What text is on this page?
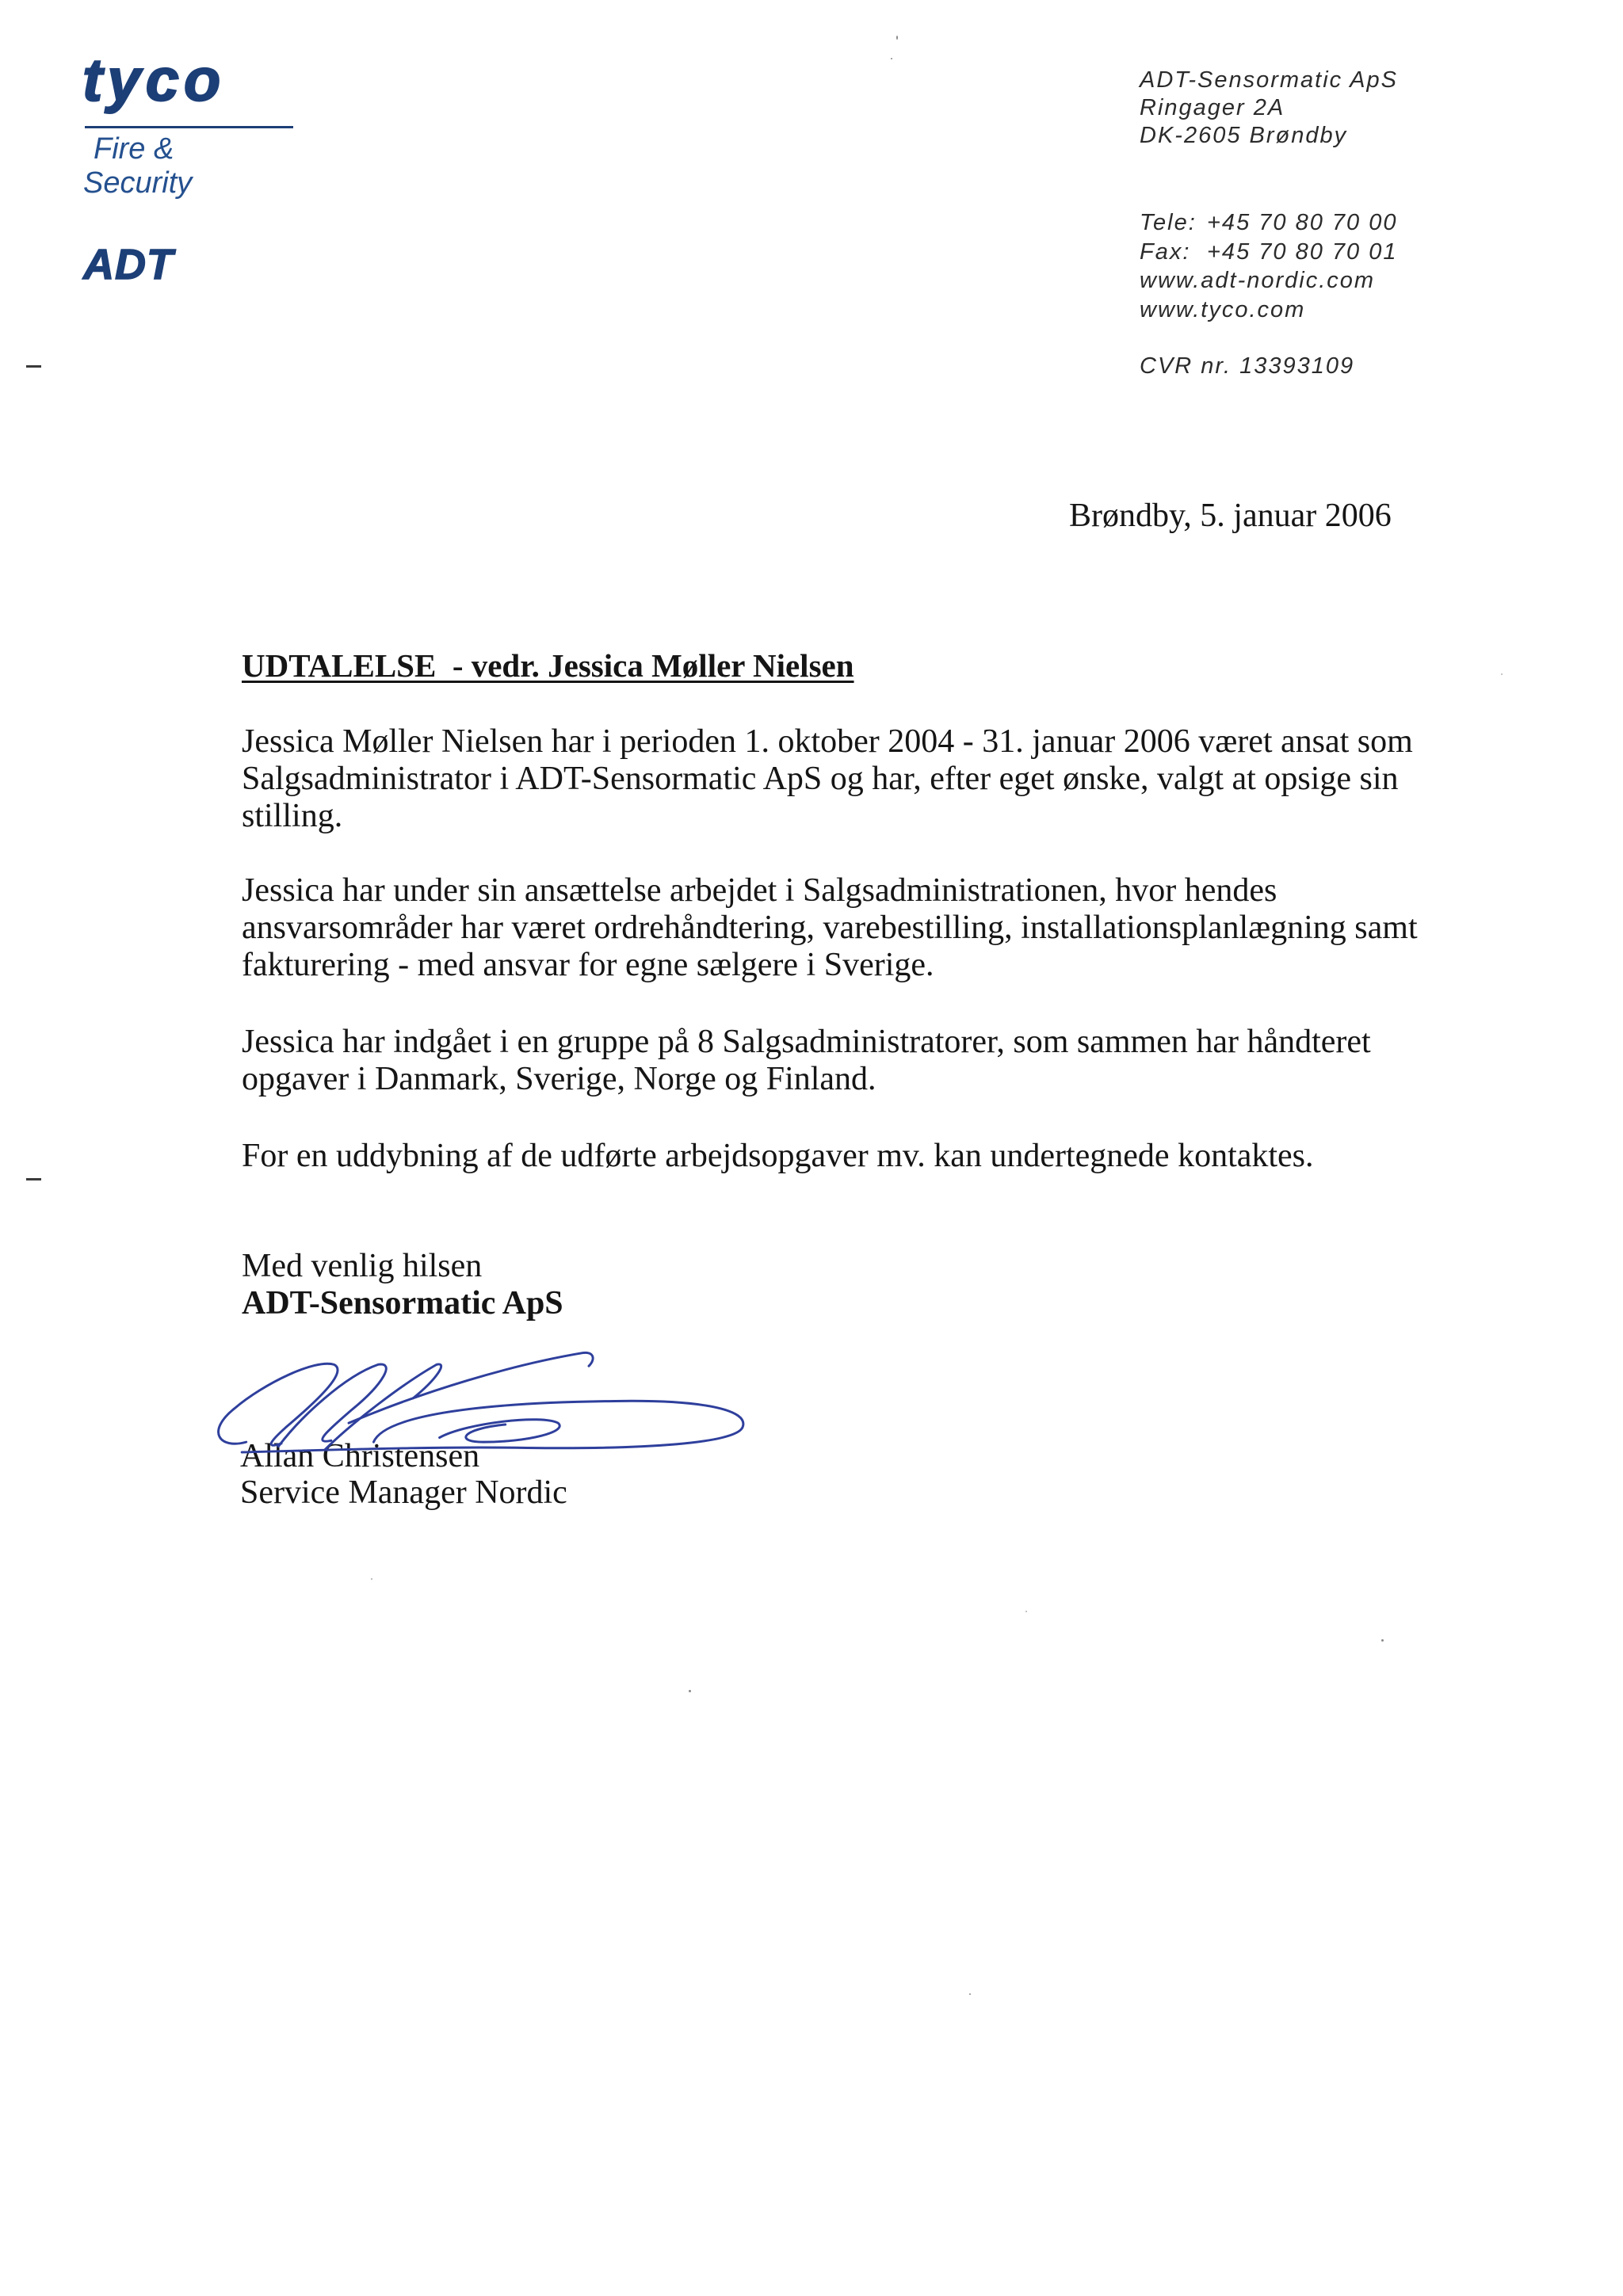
tyco
Fire &
Security
ADT
ADT-Sensormatic ApS
Ringager 2A
DK-2605 Brøndby
Tele: +45 70 80 70 00
Fax: +45 70 80 70 01
www.adt-nordic.com
www.tyco.com
CVR nr. 13393109
Brøndby, 5. januar 2006
UDTALELSE  - vedr. Jessica Møller Nielsen
Jessica Møller Nielsen har i perioden 1. oktober 2004 - 31. januar 2006 været ansat som
Salgsadministrator i ADT-Sensormatic ApS og har, efter eget ønske, valgt at opsige sin
stilling.
Jessica har under sin ansættelse arbejdet i Salgsadministrationen, hvor hendes
ansvarsområder har været ordrehåndtering, varebestilling, installationsplanlægning samt
fakturering - med ansvar for egne sælgere i Sverige.
Jessica har indgået i en gruppe på 8 Salgsadministratorer, som sammen har håndteret
opgaver i Danmark, Sverige, Norge og Finland.
For en uddybning af de udførte arbejdsopgaver mv. kan undertegnede kontaktes.
Med venlig hilsen
ADT-Sensormatic ApS
Allan Christensen
Service Manager Nordic
